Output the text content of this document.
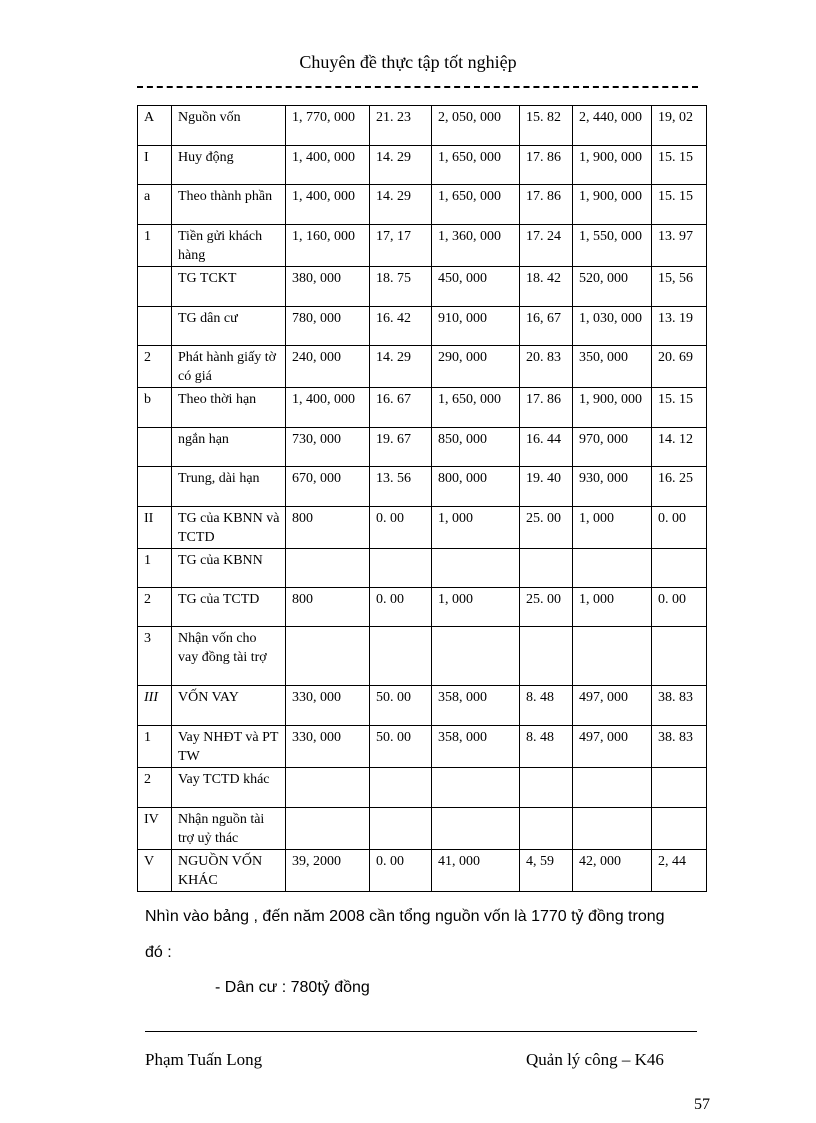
Chuyên đề thực tập tốt nghiệp
A	Nguồn vốn	1, 770, 000	21. 23	2, 050, 000	15. 82	2, 440, 000	19, 02
I	Huy động	1, 400, 000	14. 29	1, 650, 000	17. 86	1, 900, 000	15. 15
a	Theo thành phần	1, 400, 000	14. 29	1, 650, 000	17. 86	1, 900, 000	15. 15
1	Tiền gửi khách hàng	1, 160, 000	17, 17	1, 360, 000	17. 24	1, 550, 000	13. 97
	TG TCKT	380, 000	18. 75	450, 000	18. 42	520, 000	15, 56
	TG dân cư	780, 000	16. 42	910, 000	16, 67	1, 030, 000	13. 19
2	Phát hành giấy tờ có giá	240, 000	14. 29	290, 000	20. 83	350, 000	20. 69
b	Theo thời hạn	1, 400, 000	16. 67	1, 650, 000	17. 86	1, 900, 000	15. 15
	ngắn hạn	730, 000	19. 67	850, 000	16. 44	970, 000	14. 12
	Trung, dài hạn	670, 000	13. 56	800, 000	19. 40	930, 000	16. 25
II	TG của KBNN và TCTD	800	0. 00	1, 000	25. 00	1, 000	0. 00
1	TG của KBNN						
2	TG của TCTD	800	0. 00	1, 000	25. 00	1, 000	0. 00
3	Nhận vốn cho vay đồng tài trợ						
III	VỐN VAY	330, 000	50. 00	358, 000	8. 48	497, 000	38. 83
1	Vay NHĐT và PT TW	330, 000	50. 00	358, 000	8. 48	497, 000	38. 83
2	Vay TCTD khác						
IV	Nhận nguồn tài trợ uỷ thác						
V	NGUỒN VỐN KHÁC	39, 2000	0. 00	41, 000	4, 59	42, 000	2, 44
Nhìn vào bảng , đến năm 2008 cần tổng nguồn vốn là 1770 tỷ đồng trong
đó :
- Dân cư : 780tỷ đồng
Phạm Tuấn Long	Quản lý công – K46
57
